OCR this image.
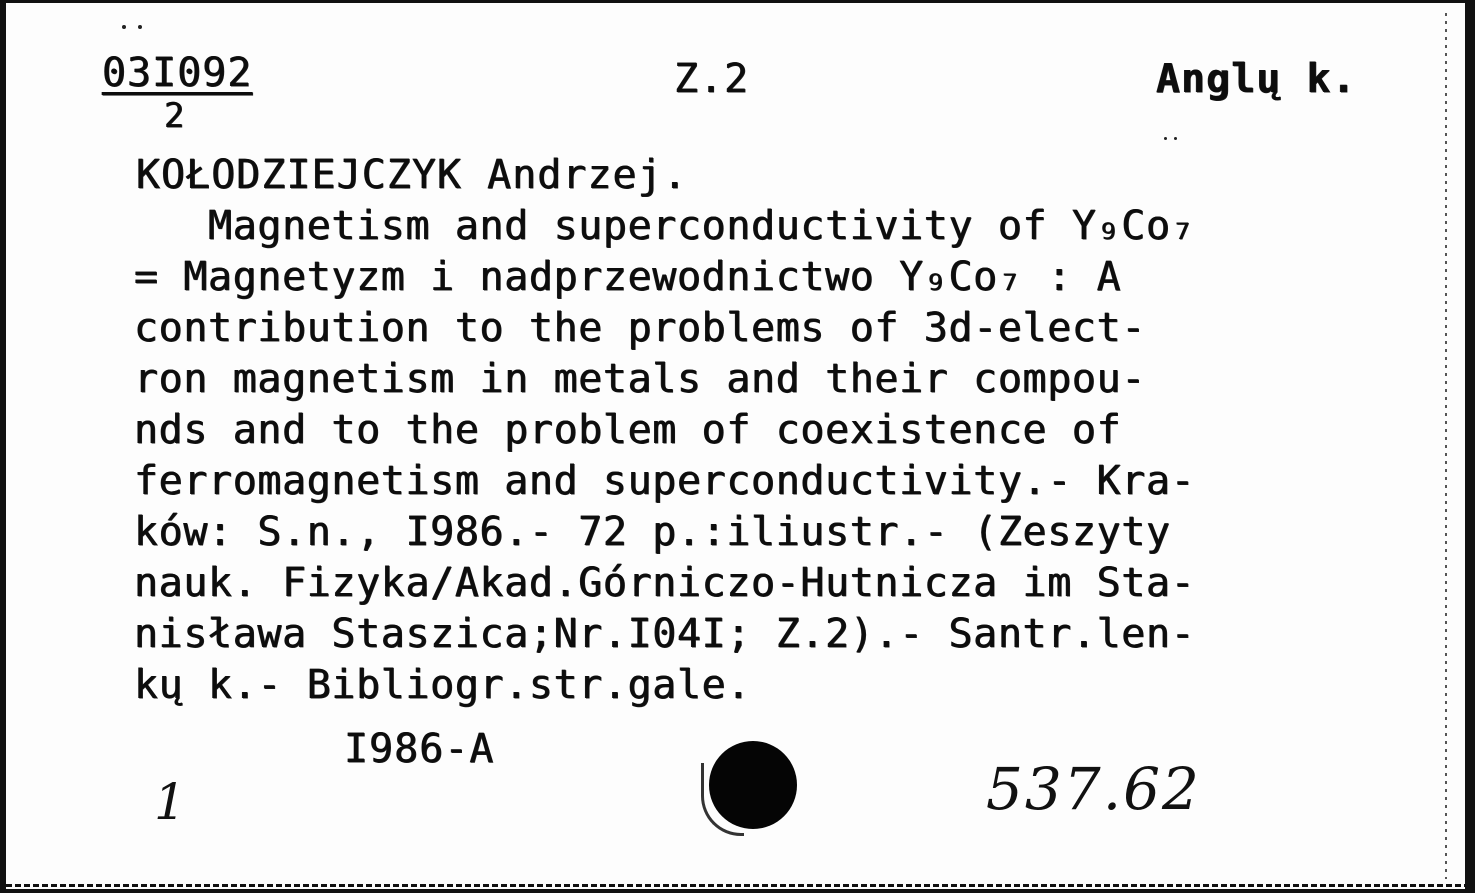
03I092
2
Z.2	Anglų k.
KOŁODZIEJCZYK Andrzej.
Magnetism and superconductivity of Y₉Co₇
= Magnetyzm i nadprzewodnictwo Y₉Co₇ : A
contribution to the problems of 3d-elect-
ron magnetism in metals and their compou-
nds and to the problem of coexistence of
ferromagnetism and superconductivity.- Kra-
ków: S.n., I986.- 72 p.:iliustr.- (Zeszyty
nauk. Fizyka/Akad.Górniczo-Hutnicza im Sta-
nisława Staszica;Nr.I04I; Z.2).- Santr.len-
kų k.- Bibliogr.str.gale.
I986-A
1	537.62
